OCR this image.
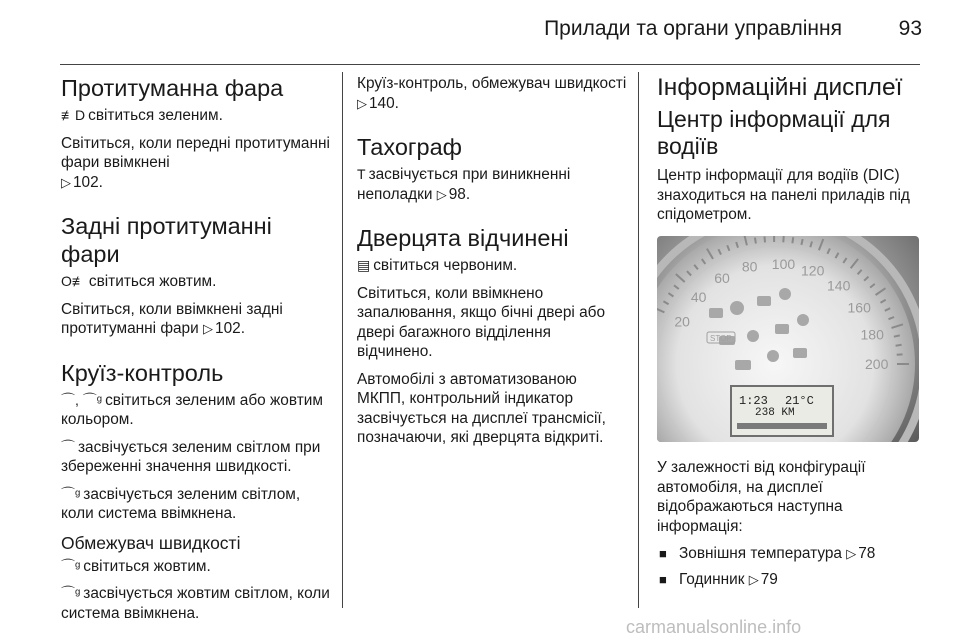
Прилади та органи управління	93
Протитуманна фара

≢D світиться зеленим.

Світиться, коли передні протитуманні фари ввімкнені
▷ 102.

Задні протитуманні фари

O≢ світиться жовтим.

Світиться, коли ввімкнені задні протитуманні фари ▷ 102.

Круїз-контроль

⌒, ⌒ᶢ світиться зеленим або жовтим кольором.

⌒ засвічується зеленим світлом при збереженні значення швидкості.

⌒ᶢ засвічується зеленим світлом, коли система ввімкнена.

Обмежувач швидкості

⌒ᶢ світиться жовтим.

⌒ᶢ засвічується жовтим світлом, коли система ввімкнена.

Круїз-контроль, обмежувач швидкості ▷ 140.

Тахограф

T засвічується при виникненні неполадки ▷ 98.

Дверцята відчинені

▤ світиться червоним.

Світиться, коли ввімкнено запалювання, якщо бічні двері або двері багажного відділення відчинено.

Автомобілі з автоматизованою МКПП, контрольний індикатор засвічується на дисплеї трансмісії, позначаючи, які дверцята відкриті.

Інформаційні дисплеї
Центр інформації для водіїв

Центр інформації для водіїв (DIC) знаходиться на панелі приладів під спідометром.

20
40
60
80 100 120
140
160
180
200
STOP
1:23 21°C
238 KM

У залежності від конфігурації автомобіля, на дисплеї відображаються наступна інформація:

■ Зовнішня температура ▷ 78
■ Годинник ▷ 79
carmanualsonline.info
